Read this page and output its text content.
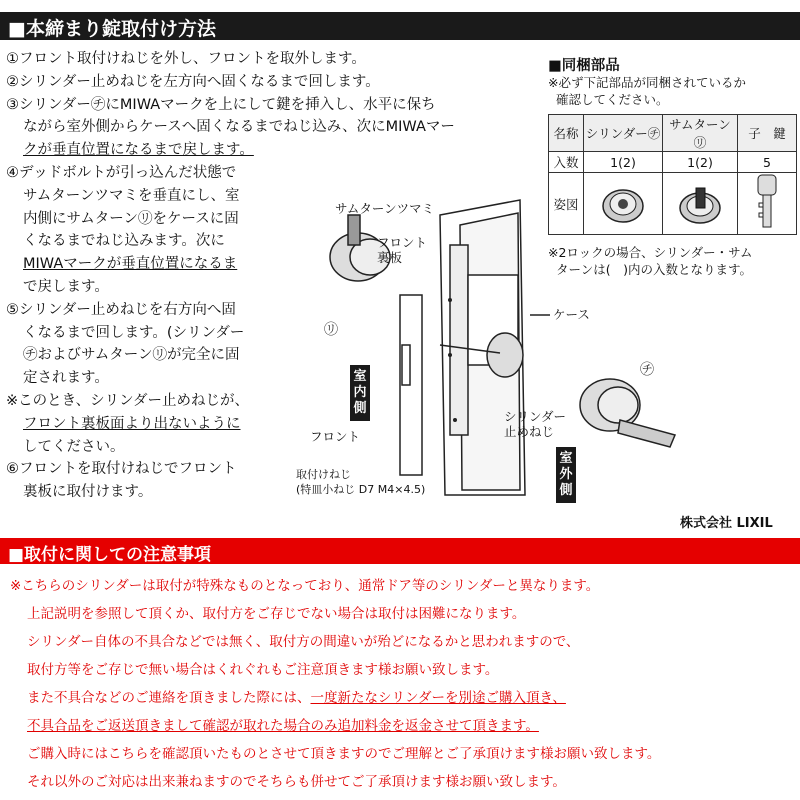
■本締まり錠取付け方法

①フロント取付けねじを外し、フロントを取外します。

②シリンダー止めねじを左方向へ固くなるまで回します。

③シリンダー㋠にMIWAマークを上にして鍵を挿入し、水平に保ち

ながら室外側からケースへ固くなるまでねじ込み、次にMIWAマー

クが垂直位置になるまで戻します。

④デッドボルトが引っ込んだ状態で

サムターンツマミを垂直にし、室

内側にサムターン㋷をケースに固

くなるまでねじ込みます。次に

MIWAマークが垂直位置になるま

で戻します。

⑤シリンダー止めねじを右方向へ固

くなるまで回します。(シリンダー

㋠およびサムターン㋷が完全に固

定されます。

※このとき、シリンダー止めねじが、

フロント裏板面より出ないように

してください。

⑥フロントを取付けねじでフロント

裏板に取付けます。

■同梱部品
※必ず下記部品が同梱されているか
確認してください。
名称	シリンダー㋠	サムターン㋷	子　鍵
入数	1(2)	1(2)	5
姿図			
※2ロックの場合、シリンダー・サム
ターンは(　)内の入数となります。
サムターンツマミ
フロント
裏板
ケース
シリンダー
止めねじ
フロント
取付けねじ
(特皿小ねじ D7 M4×4.5)
㋷
㋠
室内側
室外側
株式会社 LIXIL
■取付に関しての注意事項

※こちらのシリンダーは取付が特殊なものとなっており、通常ドア等のシリンダーと異なります。

上記説明を参照して頂くか、取付方をご存じでない場合は取付は困難になります。

シリンダー自体の不具合などでは無く、取付方の間違いが殆どになるかと思われますので、

取付方等をご存じで無い場合はくれぐれもご注意頂きます様お願い致します。

また不具合などのご連絡を頂きました際には、一度新たなシリンダーを別途ご購入頂き、

不具合品をご返送頂きまして確認が取れた場合のみ追加料金を返金させて頂きます。

ご購入時にはこちらを確認頂いたものとさせて頂きますのでご理解とご了承頂けます様お願い致します。

それ以外のご対応は出来兼ねますのでそちらも併せてご了承頂けます様お願い致します。
